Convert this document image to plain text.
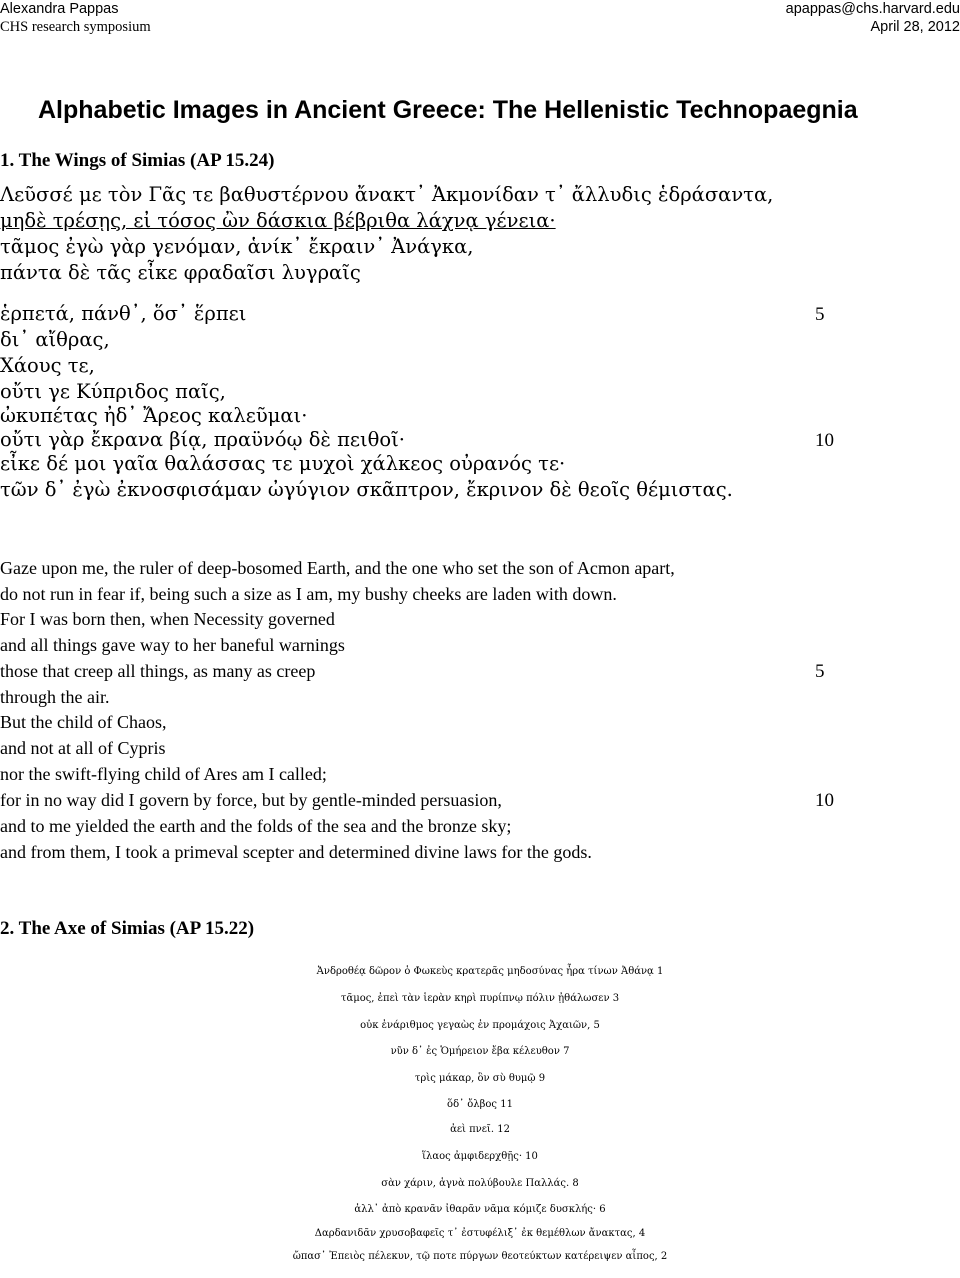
Alexandra Pappas	apappas@chs.harvard.edu
CHS research symposium	April 28, 2012
Alphabetic Images in Ancient Greece: The Hellenistic Technopaegnia
1. The Wings of Simias (AP 15.24)
Λεῦσσέ με τὸν Γᾶς τε βαθυστέρνου ἄνακτ᾽ Ἀκμονίδαν τ᾽ ἄλλυδις ἑδράσαντα,
μηδὲ τρέσῃς, εἰ τόσος ὢν δάσκια βέβριθα λάχνᾳ γένεια·
τᾶμος ἐγὼ γὰρ γενόμαν, ἁνίκ᾽ ἔκραιν᾽ Ἀνάγκα,
πάντα δὲ τᾶς εἶκε φραδαῖσι λυγραῖς
ἑρπετά, πάνθ᾽, ὅσ᾽ ἕρπει	5
δι᾽ αἴθρας,
Χάους τε,
οὔτι γε Κύπριδος παῖς,
ὠκυπέτας ἠδ᾽ Ἄρεος καλεῦμαι·
οὔτι γὰρ ἔκρανα βίᾳ, πραϋνόῳ δὲ πειθοῖ·	10
εἶκε δέ μοι γαῖα θαλάσσας τε μυχοὶ χάλκεος οὐρανός τε·
τῶν δ᾽ ἐγὼ ἐκνοσφισάμαν ὠγύγιον σκᾶπτρον, ἔκρινον δὲ θεοῖς θέμιστας.
Gaze upon me, the ruler of deep-bosomed Earth, and the one who set the son of Acmon apart,
do not run in fear if, being such a size as I am, my bushy cheeks are laden with down.
For I was born then, when Necessity governed
and all things gave way to her baneful warnings
those that creep all things, as many as creep	5
through the air.
But the child of Chaos,
and not at all of Cypris
nor the swift-flying child of Ares am I called;
for in no way did I govern by force, but by gentle-minded persuasion,	10
and to me yielded the earth and the folds of the sea and the bronze sky;
and from them, I took a primeval scepter and determined divine laws for the gods.
2. The Axe of Simias (AP 15.22)
Ἀνδροθέᾳ δῶρον ὁ Φωκεὺς κρατερᾶς μηδοσύνας ἦρα τίνων Ἀθάνᾳ 1
τᾶμος, ἐπεὶ τὰν ἱερὰν κηρὶ πυρίπνῳ πόλιν ᾐθάλωσεν 3
οὐκ ἐνάριθμος γεγαὼς ἐν προμάχοις Ἀχαιῶν, 5
νῦν δ᾽ ἐς Ὁμήρειον ἔβα κέλευθον 7
τρὶς μάκαρ, ὃν σὺ θυμῷ 9
ὅδ᾽ ὄλβος 11
ἀεὶ πνεῖ. 12
ἵλαος ἀμφιδερχθῇς· 10
σὰν χάριν, ἁγνὰ πολύβουλε Παλλάς. 8
ἀλλ᾽ ἀπὸ κρανᾶν ἰθαρᾶν νᾶμα κόμιζε δυσκλής· 6
Δαρδανιδᾶν χρυσοβαφεῖς τ᾽ ἐστυφέλιξ᾽ ἐκ θεμέθλων ἄνακτας, 4
ὤπασ᾽ Ἐπειὸς πέλεκυν, τῷ ποτε πύργων θεοτεύκτων κατέρειψεν αἶπος, 2
